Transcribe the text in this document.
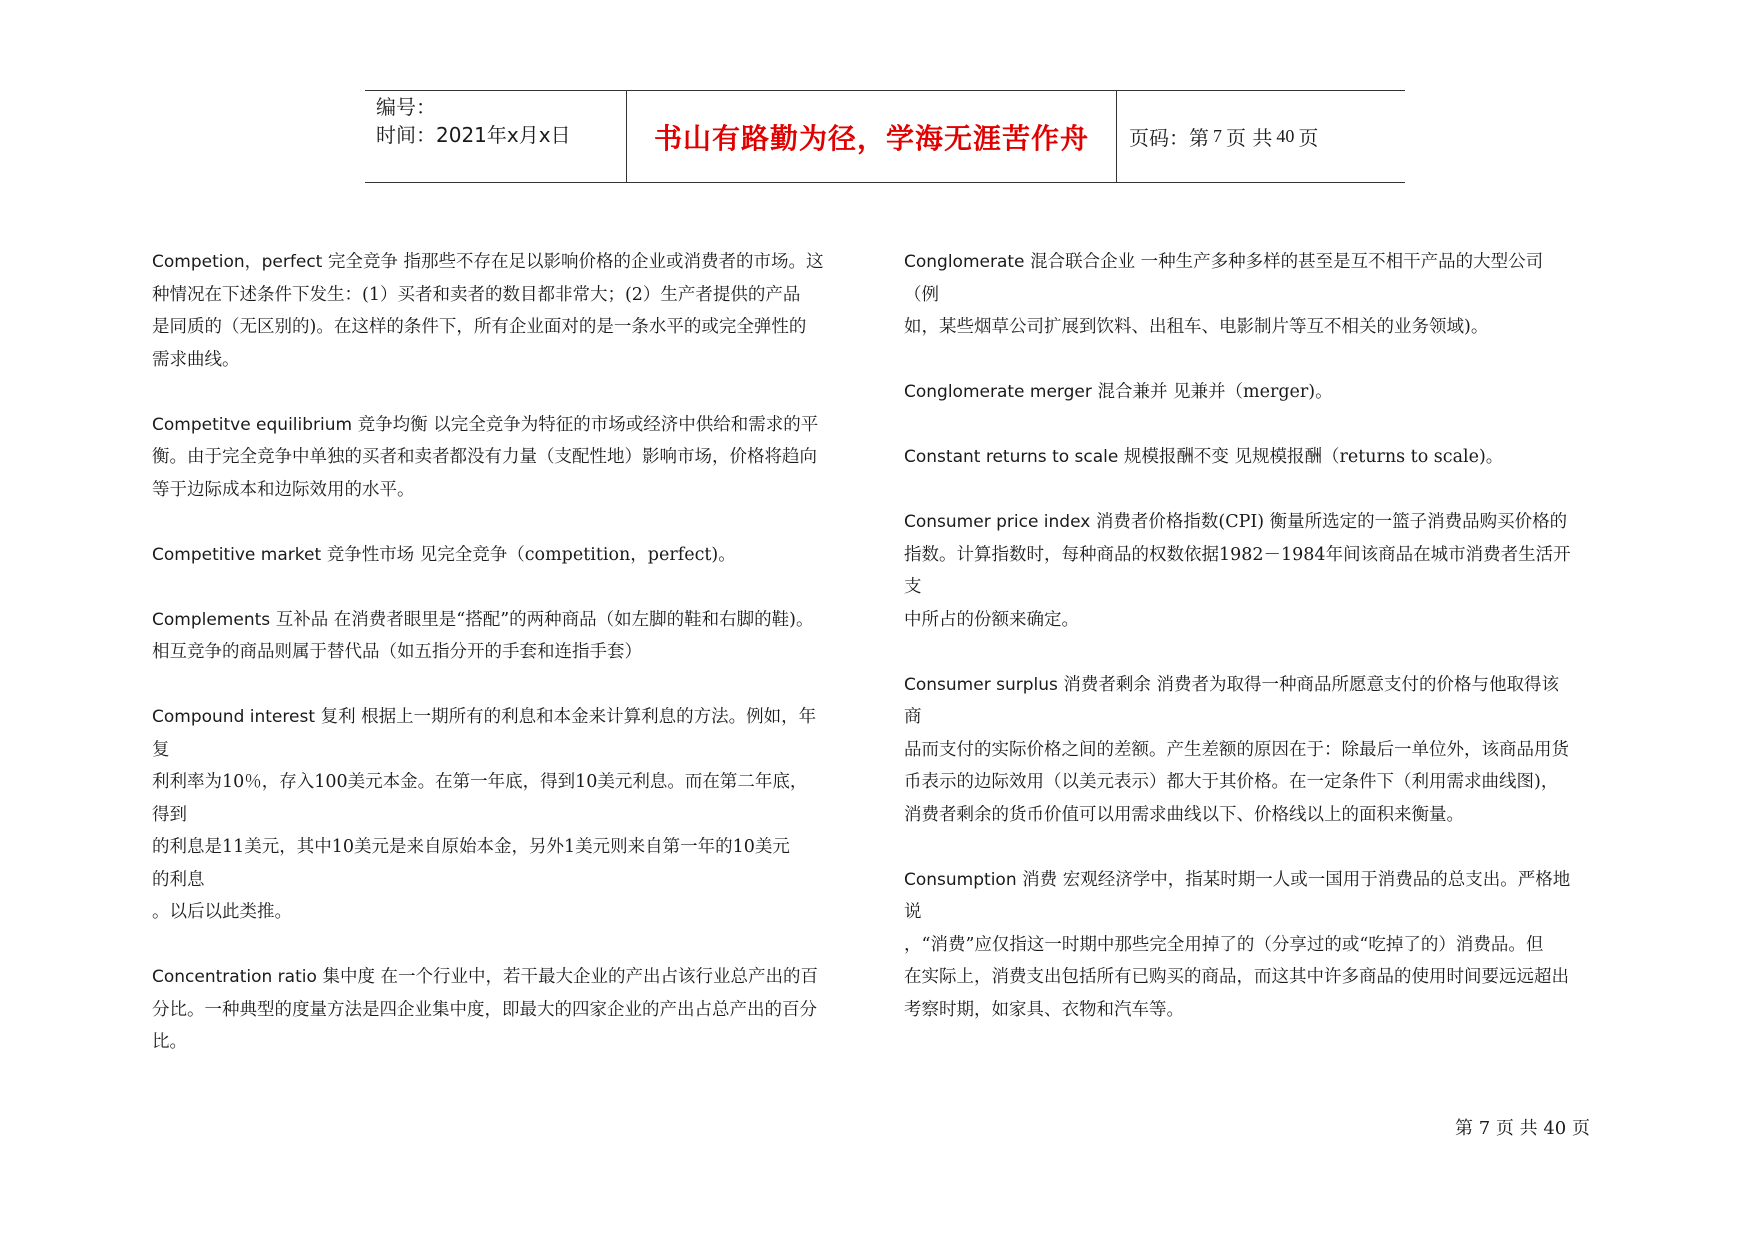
编号：
时间：2021年x月x日	书山有路勤为径，学海无涯苦作舟 页码：第 7 页 共 40 页

Competion，perfect 完全竞争 指那些不存在足以影响价格的企业或消费者的市场。这

种情况在下述条件下发生：(1）买者和卖者的数目都非常大；(2）生产者提供的产品

是同质的（无区别的)。在这样的条件下，所有企业面对的是一条水平的或完全弹性的

需求曲线。

Competitve equilibrium 竞争均衡 以完全竞争为特征的市场或经济中供给和需求的平

衡。由于完全竞争中单独的买者和卖者都没有力量（支配性地）影响市场，价格将趋向

等于边际成本和边际效用的水平。

Competitive market 竞争性市场 见完全竞争（competition，perfect)。

Complements 互补品 在消费者眼里是“搭配”的两种商品（如左脚的鞋和右脚的鞋)。

相互竞争的商品则属于替代品（如五指分开的手套和连指手套）

Compound interest 复利 根据上一期所有的利息和本金来计算利息的方法。例如，年

复

利利率为10％，存入100美元本金。在第一年底，得到10美元利息。而在第二年底，

得到

的利息是11美元，其中10美元是来自原始本金，另外1美元则来自第一年的10美元

的利息

。以后以此类推。

Concentration ratio 集中度 在一个行业中，若干最大企业的产出占该行业总产出的百

分比。一种典型的度量方法是四企业集中度，即最大的四家企业的产出占总产出的百分

比。

Conglomerate 混合联合企业 一种生产多种多样的甚至是互不相干产品的大型公司

（例

如，某些烟草公司扩展到饮料、出租车、电影制片等互不相关的业务领域)。

Conglomerate merger 混合兼并 见兼并（merger)。

Constant returns to scale 规模报酬不变 见规模报酬（returns to scale)。

Consumer price index 消费者价格指数(CPI) 衡量所选定的一篮子消费品购买价格的

指数。计算指数时，每种商品的权数依据1982－1984年间该商品在城市消费者生活开

支

中所占的份额来确定。

Consumer surplus 消费者剩余 消费者为取得一种商品所愿意支付的价格与他取得该

商

品而支付的实际价格之间的差额。产生差额的原因在于：除最后一单位外，该商品用货

币表示的边际效用（以美元表示）都大于其价格。在一定条件下（利用需求曲线图)，

消费者剩余的货币价值可以用需求曲线以下、价格线以上的面积来衡量。

Consumption 消费 宏观经济学中，指某时期一人或一国用于消费品的总支出。严格地

说

，“消费”应仅指这一时期中那些完全用掉了的（分享过的或“吃掉了的）消费品。但

在实际上，消费支出包括所有已购买的商品，而这其中许多商品的使用时间要远远超出

考察时期，如家具、衣物和汽车等。

第 7 页 共 40 页
